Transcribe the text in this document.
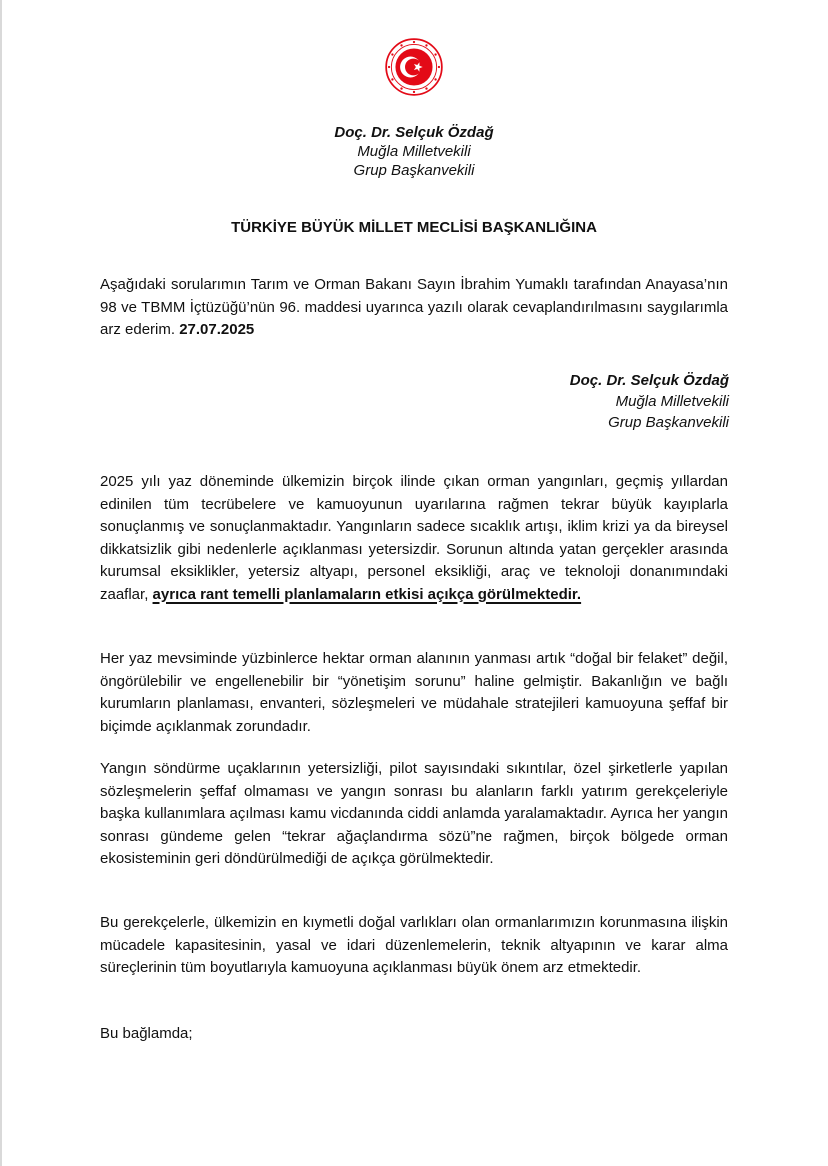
Doç. Dr. Selçuk Özdağ
Muğla Milletvekili
Grup Başkanvekili
TÜRKİYE BÜYÜK MİLLET MECLİSİ BAŞKANLIĞINA

Aşağıdaki sorularımın Tarım ve Orman Bakanı Sayın İbrahim Yumaklı tarafından Anayasa’nın 98 ve TBMM İçtüzüğü’nün 96. maddesi uyarınca yazılı olarak cevaplandırılmasını saygılarımla arz ederim. 27.07.2025

Doç. Dr. Selçuk Özdağ
Muğla Milletvekili
Grup Başkanvekili

2025 yılı yaz döneminde ülkemizin birçok ilinde çıkan orman yangınları, geçmiş yıllardan edinilen tüm tecrübelere ve kamuoyunun uyarılarına rağmen tekrar büyük kayıplarla sonuçlanmış ve sonuçlanmaktadır. Yangınların sadece sıcaklık artışı, iklim krizi ya da bireysel dikkatsizlik gibi nedenlerle açıklanması yetersizdir. Sorunun altında yatan gerçekler arasında kurumsal eksiklikler, yetersiz altyapı, personel eksikliği, araç ve teknoloji donanımındaki zaaflar, ayrıca rant temelli planlamaların etkisi açıkça görülmektedir.

Her yaz mevsiminde yüzbinlerce hektar orman alanının yanması artık “doğal bir felaket” değil, öngörülebilir ve engellenebilir bir “yönetişim sorunu” haline gelmiştir. Bakanlığın ve bağlı kurumların planlaması, envanteri, sözleşmeleri ve müdahale stratejileri kamuoyuna şeffaf bir biçimde açıklanmak zorundadır.

Yangın söndürme uçaklarının yetersizliği, pilot sayısındaki sıkıntılar, özel şirketlerle yapılan sözleşmelerin şeffaf olmaması ve yangın sonrası bu alanların farklı yatırım gerekçeleriyle başka kullanımlara açılması kamu vicdanında ciddi anlamda yaralamaktadır. Ayrıca her yangın sonrası gündeme gelen “tekrar ağaçlandırma sözü”ne rağmen, birçok bölgede orman ekosisteminin geri döndürülmediği de açıkça görülmektedir.

Bu gerekçelerle, ülkemizin en kıymetli doğal varlıkları olan ormanlarımızın korunmasına ilişkin mücadele kapasitesinin, yasal ve idari düzenlemelerin, teknik altyapının ve karar alma süreçlerinin tüm boyutlarıyla kamuoyuna açıklanması büyük önem arz etmektedir.

Bu bağlamda;
